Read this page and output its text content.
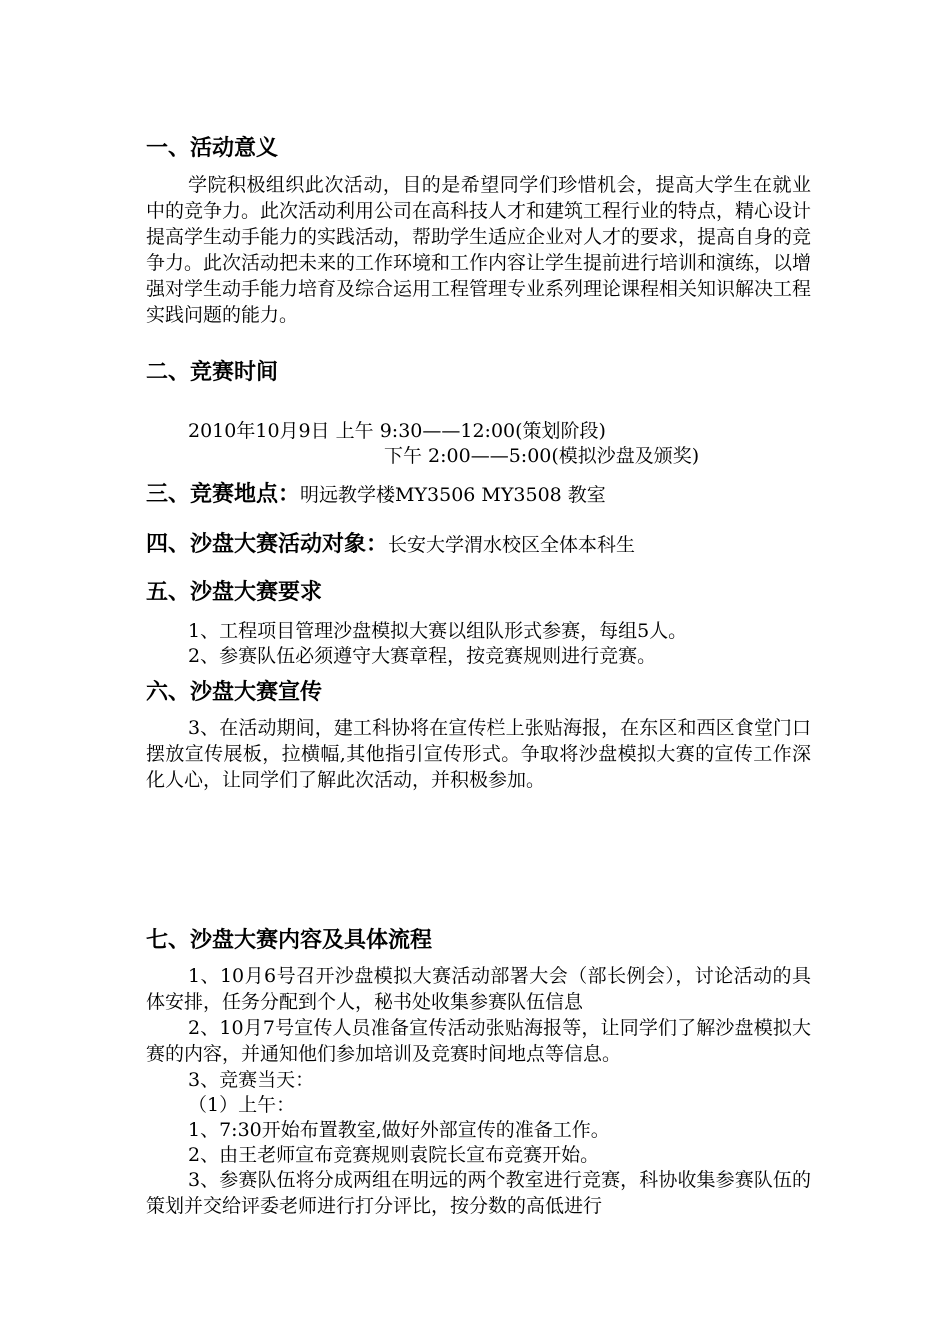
一、活动意义

学院积极组织此次活动，目的是希望同学们珍惜机会，提高大学生在就业中的竞争力。此次活动利用公司在高科技人才和建筑工程行业的特点，精心设计提高学生动手能力的实践活动，帮助学生适应企业对人才的要求，提高自身的竞争力。此次活动把未来的工作环境和工作内容让学生提前进行培训和演练，以增强对学生动手能力培育及综合运用工程管理专业系列理论课程相关知识解决工程实践问题的能力。

二、竞赛时间
2010年10月9日 上午 9:30——12:00(策划阶段)
下午 2:00——5:00(模拟沙盘及颁奖)
三、竞赛地点：明远教学楼MY3506 MY3508 教室
四、沙盘大赛活动对象：长安大学渭水校区全体本科生
五、沙盘大赛要求
1、工程项目管理沙盘模拟大赛以组队形式参赛，每组5人。
2、参赛队伍必须遵守大赛章程，按竞赛规则进行竞赛。
六、沙盘大赛宣传

3、在活动期间，建工科协将在宣传栏上张贴海报，在东区和西区食堂门口摆放宣传展板，拉横幅,其他指引宣传形式。争取将沙盘模拟大赛的宣传工作深化人心，让同学们了解此次活动，并积极参加。

七、沙盘大赛内容及具体流程

1、10月6号召开沙盘模拟大赛活动部署大会（部长例会），讨论活动的具体安排，任务分配到个人，秘书处收集参赛队伍信息

2、10月7号宣传人员准备宣传活动张贴海报等，让同学们了解沙盘模拟大赛的内容，并通知他们参加培训及竞赛时间地点等信息。

3、竞赛当天：
（1）上午：
1、7:30开始布置教室,做好外部宣传的准备工作。
2、由王老师宣布竞赛规则袁院长宣布竞赛开始。

3、参赛队伍将分成两组在明远的两个教室进行竞赛，科协收集参赛队伍的策划并交给评委老师进行打分评比，按分数的高低进行
